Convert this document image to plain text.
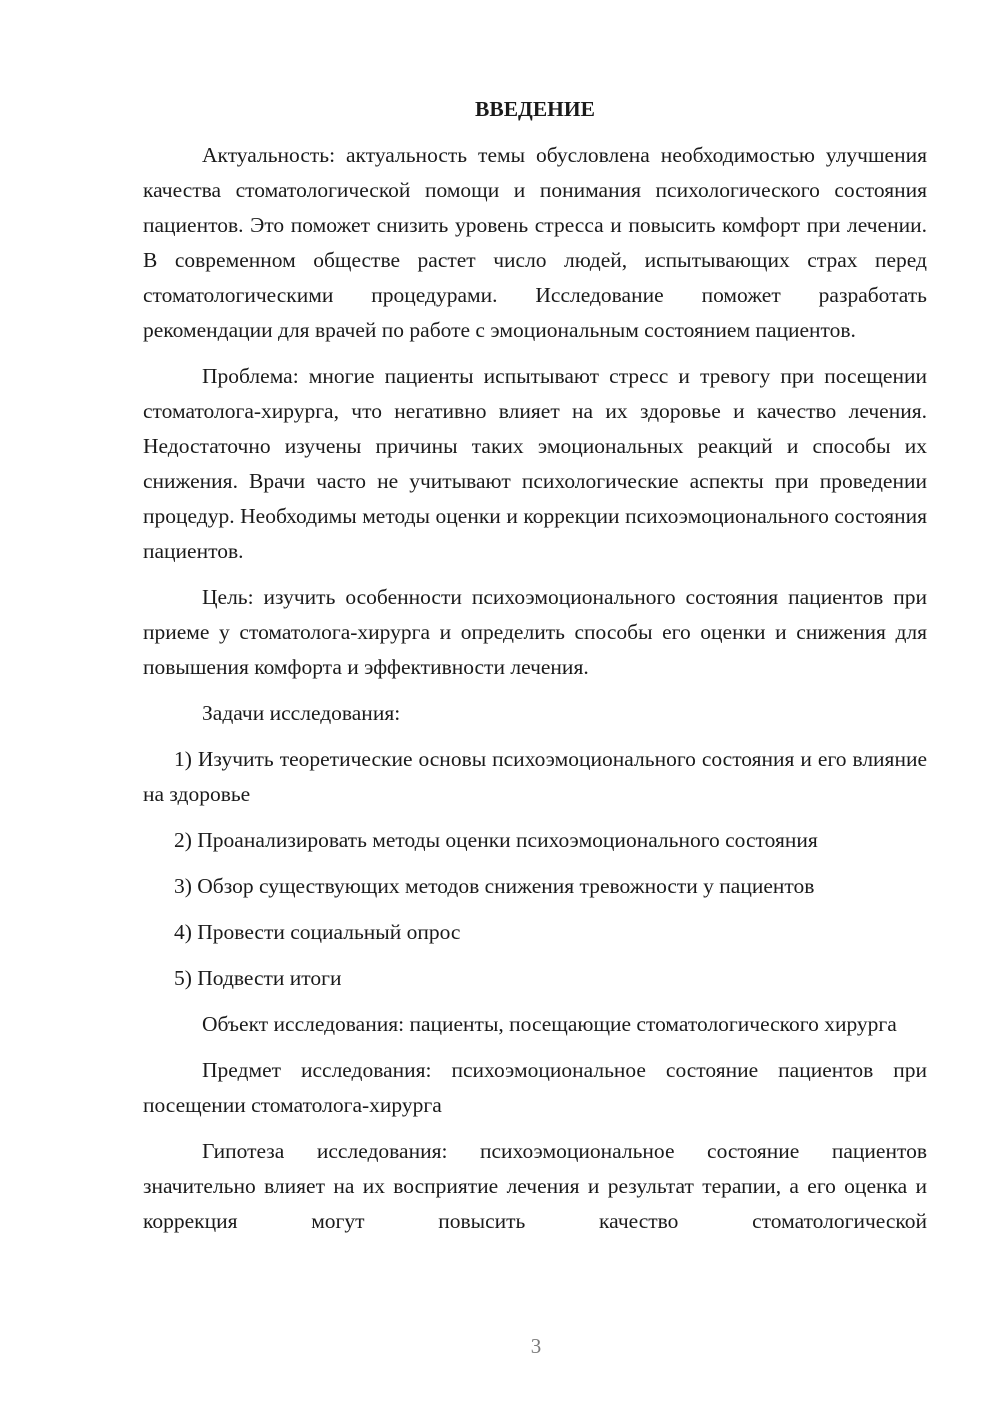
ВВЕДЕНИЕ

Актуальность: актуальность темы обусловлена необходимостью улучшения качества стоматологической помощи и понимания психологического состояния пациентов. Это поможет снизить уровень стресса и повысить комфорт при лечении. В современном обществе растет число людей, испытывающих страх перед стоматологическими процедурами. Исследование поможет разработать рекомендации для врачей по работе с эмоциональным состоянием пациентов.

Проблема: многие пациенты испытывают стресс и тревогу при посещении стоматолога-хирурга, что негативно влияет на их здоровье и качество лечения. Недостаточно изучены причины таких эмоциональных реакций и способы их снижения. Врачи часто не учитывают психологические аспекты при проведении процедур. Необходимы методы оценки и коррекции психоэмоционального состояния пациентов.

Цель: изучить особенности психоэмоционального состояния пациентов при приеме у стоматолога-хирурга и определить способы его оценки и снижения для повышения комфорта и эффективности лечения.

Задачи исследования:

1) Изучить теоретические основы психоэмоционального состояния и его влияние на здоровье

2) Проанализировать методы оценки психоэмоционального состояния

3) Обзор существующих методов снижения тревожности у пациентов

4) Провести социальный опрос

5) Подвести итоги

Объект исследования: пациенты, посещающие стоматологического хирурга

Предмет исследования: психоэмоциональное состояние пациентов при посещении стоматолога-хирурга

Гипотеза исследования: психоэмоциональное состояние пациентов значительно влияет на их восприятие лечения и результат терапии, а его оценка и коррекция могут повысить качество стоматологической

3
